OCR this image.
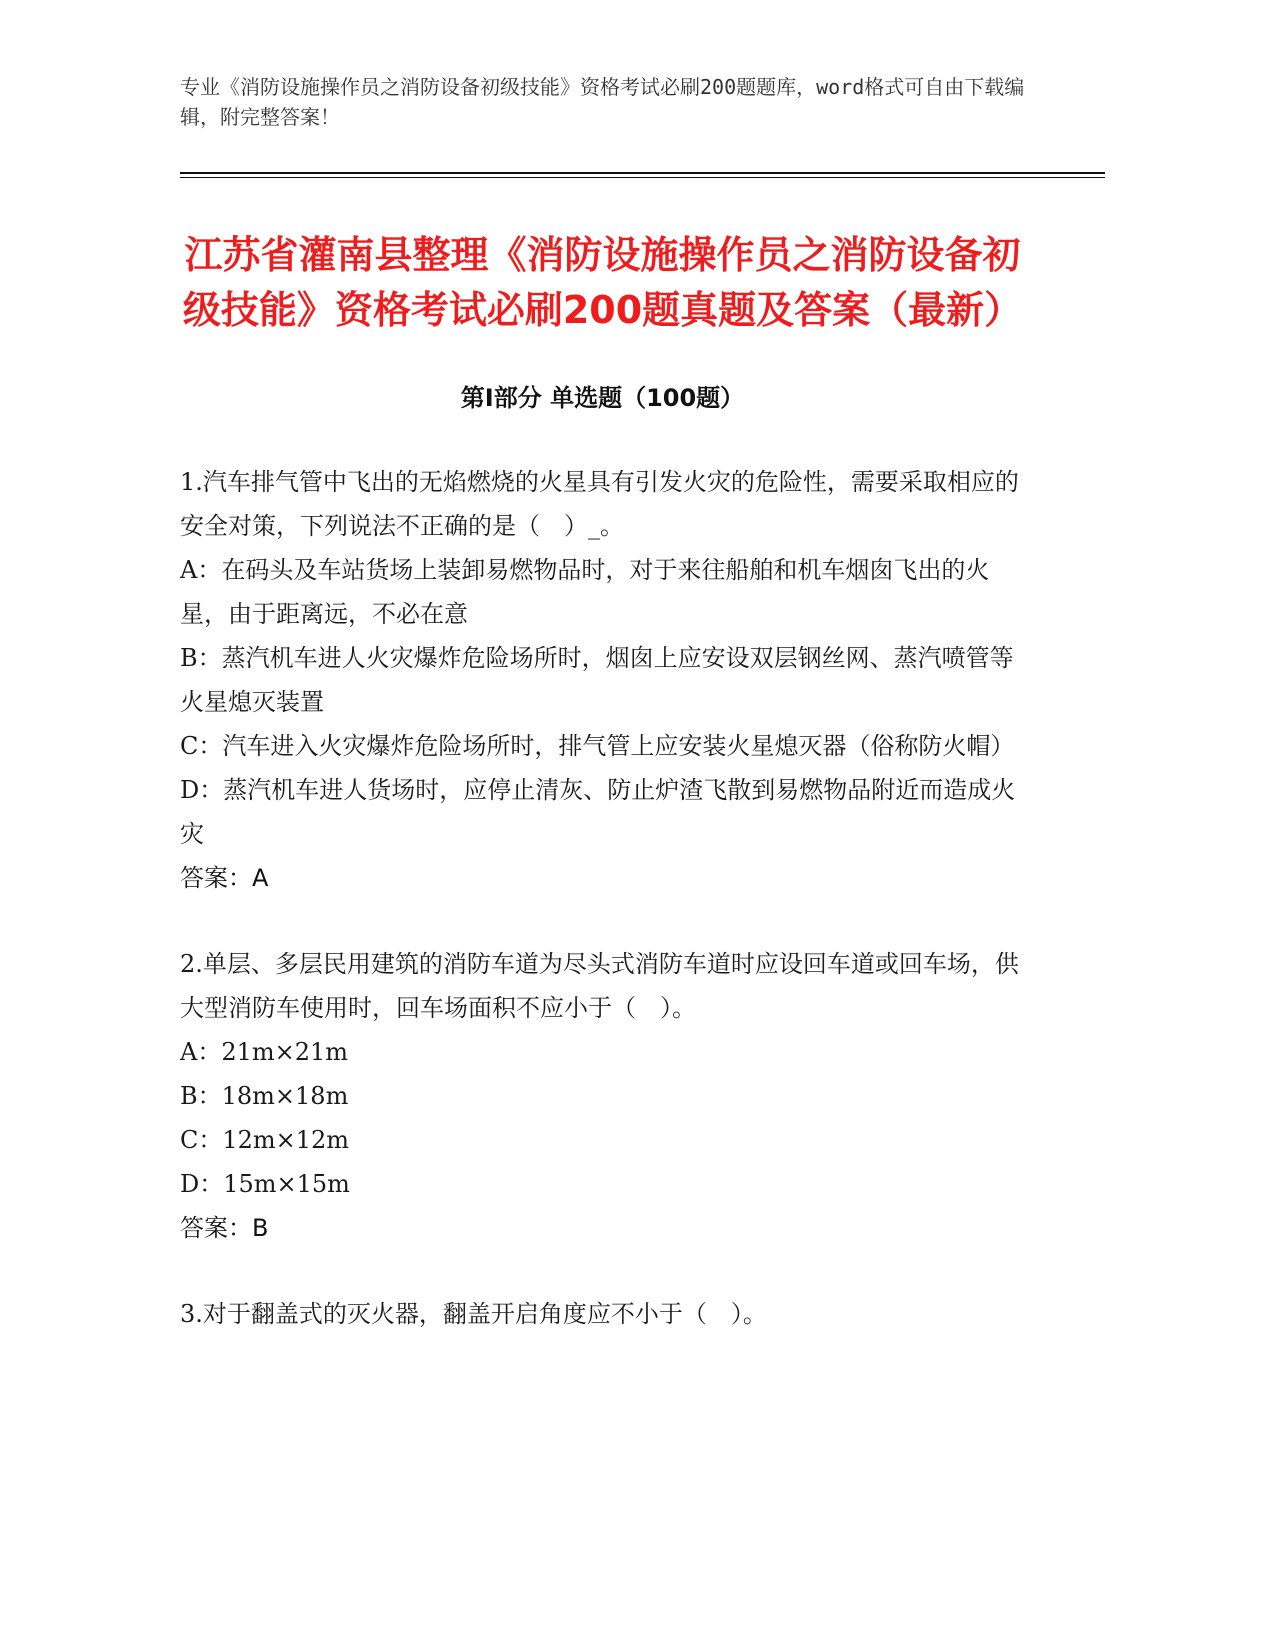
专业《消防设施操作员之消防设备初级技能》资格考试必刷200题题库，word格式可自由下载编辑，附完整答案！

江苏省灌南县整理《消防设施操作员之消防设备初级技能》资格考试必刷200题真题及答案（最新）
第Ⅰ部分 单选题（100题）

1.汽车排气管中飞出的无焰燃烧的火星具有引发火灾的危险性，需要采取相应的安全对策，下列说法不正确的是（　）_。

A：在码头及车站货场上装卸易燃物品时，对于来往船舶和机车烟囱飞出的火星，由于距离远，不必在意

B：蒸汽机车进人火灾爆炸危险场所时，烟囱上应安设双层钢丝网、蒸汽喷管等火星熄灭装置

C：汽车进入火灾爆炸危险场所时，排气管上应安装火星熄灭器（俗称防火帽）

D：蒸汽机车进人货场时，应停止清灰、防止炉渣飞散到易燃物品附近而造成火灾

答案：A

2.单层、多层民用建筑的消防车道为尽头式消防车道时应设回车道或回车场，供大型消防车使用时，回车场面积不应小于（　）。

A：21m×21m

B：18m×18m

C：12m×12m

D：15m×15m

答案：B

3.对于翻盖式的灭火器，翻盖开启角度应不小于（　）。
